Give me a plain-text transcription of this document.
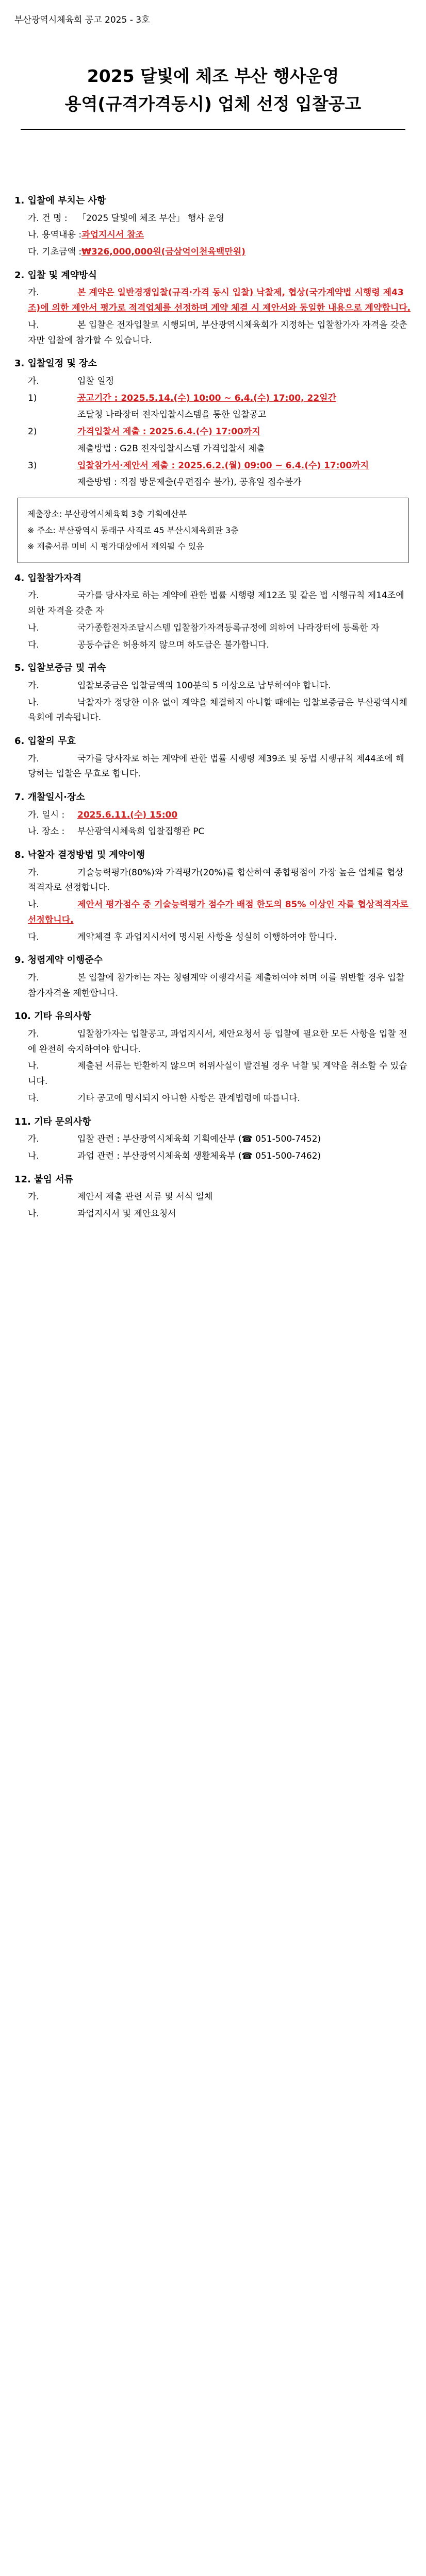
부산광역시체육회 공고 2025 - 3호
2025 달빛에 체조 부산 행사운영
용역(규격가격동시) 업체 선정 입찰공고
1. 입찰에 부치는 사항
가. 건 명 : 「2025 달빛에 체조 부산」 행사 운영
나. 용역내용 :과업지시서 참조
다. 기초금액 :₩326,000,000원(금삼억이천육백만원)
2. 입찰 및 계약방식
가.	본 계약은 일반경쟁입찰(규격·가격 동시 입찰) 낙찰제, 협상(국가계약법 시행령 제43조)에 의한 제안서 평가로 적격업체를 선정하며 계약 체결 시 제안서와 동일한 내용으로 계약합니다.
나.	본 입찰은 전자입찰로 시행되며, 부산광역시체육회가 지정하는 입찰참가자 자격을 갖춘 자만 입찰에 참가할 수 있습니다.
3. 입찰일정 및 장소
가.	입찰 일정
1)	공고기간 : 2025.5.14.(수) 10:00 ~ 6.4.(수) 17:00, 22일간
조달청 나라장터 전자입찰시스템을 통한 입찰공고
2)	가격입찰서 제출 : 2025.6.4.(수) 17:00까지
제출방법 : G2B 전자입찰시스템 가격입찰서 제출
3)	입찰참가서·제안서 제출 : 2025.6.2.(월) 09:00 ~ 6.4.(수) 17:00까지
제출방법 : 직접 방문제출(우편접수 불가), 공휴일 접수불가
제출장소: 부산광역시체육회 3층 기획예산부
※ 주소: 부산광역시 동래구 사직로 45 부산시체육회관 3층
※ 제출서류 미비 시 평가대상에서 제외될 수 있음
4. 입찰참가자격
가.	국가를 당사자로 하는 계약에 관한 법률 시행령 제12조 및 같은 법 시행규칙 제14조에 의한 자격을 갖춘 자
나.	국가종합전자조달시스템 입찰참가자격등록규정에 의하여 나라장터에 등록한 자
다.	공동수급은 허용하지 않으며 하도급은 불가합니다.
5. 입찰보증금 및 귀속
가.	입찰보증금은 입찰금액의 100분의 5 이상으로 납부하여야 합니다.
나.	낙찰자가 정당한 이유 없이 계약을 체결하지 아니할 때에는 입찰보증금은 부산광역시체육회에 귀속됩니다.
6. 입찰의 무효
가.	국가를 당사자로 하는 계약에 관한 법률 시행령 제39조 및 동법 시행규칙 제44조에 해당하는 입찰은 무효로 합니다.
7. 개찰일시·장소
가. 일시 : 2025.6.11.(수) 15:00
나. 장소 : 부산광역시체육회 입찰집행관 PC
8. 낙찰자 결정방법 및 계약이행
가.	기술능력평가(80%)와 가격평가(20%)를 합산하여 종합평점이 가장 높은 업체를 협상적격자로 선정합니다.
나.	제안서 평가점수 중 기술능력평가 점수가 배점 한도의 85% 이상인 자를 협상적격자로 선정합니다.
다.	계약체결 후 과업지시서에 명시된 사항을 성실히 이행하여야 합니다.
9. 청렴계약 이행준수
가.	본 입찰에 참가하는 자는 청렴계약 이행각서를 제출하여야 하며 이를 위반할 경우 입찰참가자격을 제한합니다.
10. 기타 유의사항
가.	입찰참가자는 입찰공고, 과업지시서, 제안요청서 등 입찰에 필요한 모든 사항을 입찰 전에 완전히 숙지하여야 합니다.
나.	제출된 서류는 반환하지 않으며 허위사실이 발견될 경우 낙찰 및 계약을 취소할 수 있습니다.
다.	기타 공고에 명시되지 아니한 사항은 관계법령에 따릅니다.
11. 기타 문의사항
가.	입찰 관련 : 부산광역시체육회 기획예산부 (☎ 051-500-7452)
나.	과업 관련 : 부산광역시체육회 생활체육부 (☎ 051-500-7462)
12. 붙임 서류
가.	제안서 제출 관련 서류 및 서식 일체
나.	과업지시서 및 제안요청서
